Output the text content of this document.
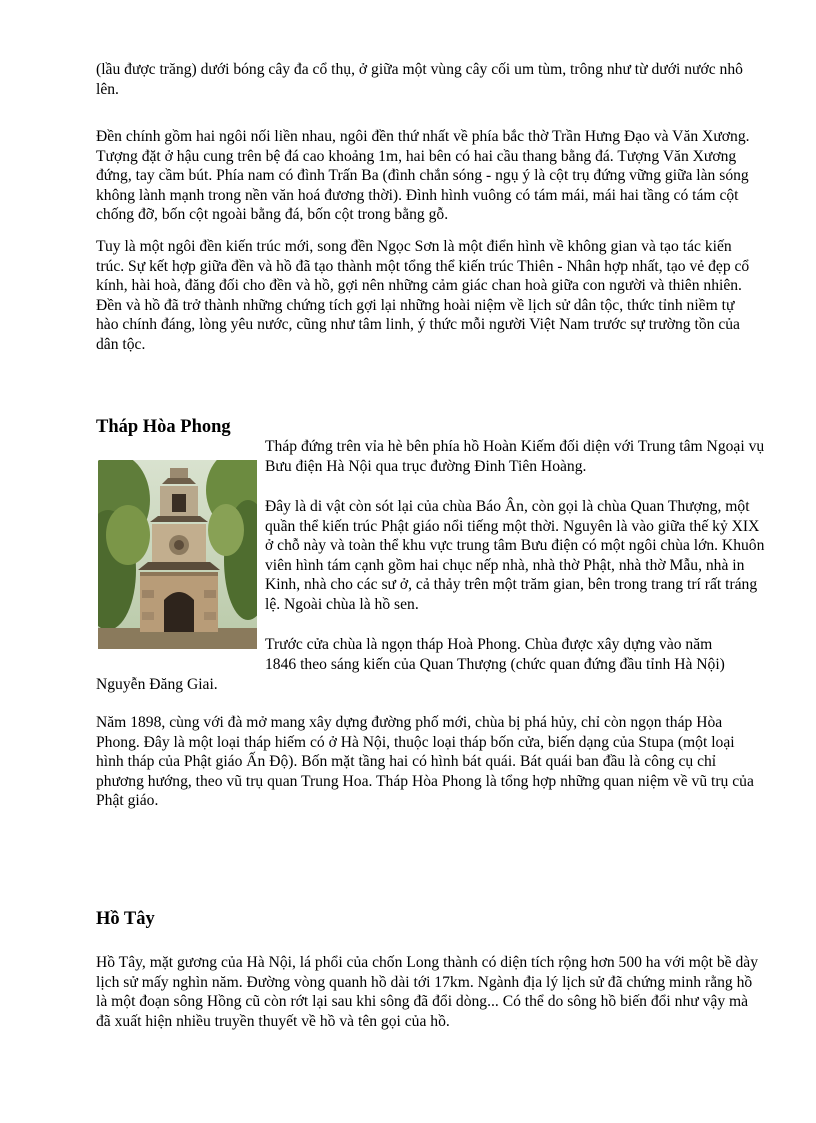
(lầu được trăng) dưới bóng cây đa cổ thụ, ở giữa một vùng cây cối um tùm, trông như từ dưới nước nhô lên.

Đền chính gồm hai ngôi nối liền nhau, ngôi đền thứ nhất về phía bắc thờ Trần Hưng Đạo và Văn Xương. Tượng đặt ở hậu cung trên bệ đá cao khoảng 1m, hai bên có hai cầu thang bằng đá. Tượng Văn Xương đứng, tay cầm bút. Phía nam có đình Trấn Ba (đình chắn sóng - ngụ ý là cột trụ đứng vững giữa làn sóng không lành mạnh trong nền văn hoá đương thời). Đình hình vuông có tám mái, mái hai tầng có tám cột chống đỡ, bốn cột ngoài bằng đá, bốn cột trong bằng gỗ.

Tuy là một ngôi đền kiến trúc mới, song đền Ngọc Sơn là một điển hình về không gian và tạo tác kiến trúc. Sự kết hợp giữa đền và hồ đã tạo thành một tổng thể kiến trúc Thiên - Nhân hợp nhất, tạo vẻ đẹp cổ kính, hài hoà, đăng đối cho đền và hồ, gợi nên những cảm giác chan hoà giữa con người và thiên nhiên. Đền và hồ đã trở thành những chứng tích gợi lại những hoài niệm về lịch sử dân tộc, thức tỉnh niềm tự hào chính đáng, lòng yêu nước, cũng như tâm linh, ý thức mỗi người Việt Nam trước sự trường tồn của dân tộc.

Tháp Hòa Phong

Tháp đứng trên vỉa hè bên phía hồ Hoàn Kiếm đối diện với Trung tâm Ngoại vụ Bưu điện Hà Nội qua trục đường Đinh Tiên Hoàng.

Đây là di vật còn sót lại của chùa Báo Ân, còn gọi là chùa Quan Thượng, một quần thể kiến trúc Phật giáo nổi tiếng một thời. Nguyên là vào giữa thế kỷ XIX ở chỗ này và toàn thể khu vực trung tâm Bưu điện có một ngôi chùa lớn. Khuôn viên hình tám cạnh gồm hai chục nếp nhà, nhà thờ Phật, nhà thờ Mẫu, nhà in Kinh, nhà cho các sư ở, cả thảy trên một trăm gian, bên trong trang trí rất tráng lệ. Ngoài chùa là hồ sen.

Trước cửa chùa là ngọn tháp Hoà Phong. Chùa được xây dựng vào năm

1846 theo sáng kiến của Quan Thượng (chức quan đứng đầu tỉnh Hà Nội)

Nguyễn Đăng Giai.

Năm 1898, cùng với đà mở mang xây dựng đường phố mới, chùa bị phá hủy, chỉ còn ngọn tháp Hòa Phong. Đây là một loại tháp hiếm có ở Hà Nội, thuộc loại tháp bốn cửa, biến dạng của Stupa (một loại hình tháp của Phật giáo Ấn Độ). Bốn mặt tầng hai có hình bát quái. Bát quái ban đầu là công cụ chỉ phương hướng, theo vũ trụ quan Trung Hoa. Tháp Hòa Phong là tổng hợp những quan niệm về vũ trụ của Phật giáo.

Hồ Tây

Hồ Tây, mặt gương của Hà Nội, lá phổi của chốn Long thành có diện tích rộng hơn 500 ha với một bề dày lịch sử mấy nghìn năm. Đường vòng quanh hồ dài tới 17km. Ngành địa lý lịch sử đã chứng minh rằng hồ là một đoạn sông Hồng cũ còn rớt lại sau khi sông đã đổi dòng... Có thể do sông hồ biến đổi như vậy mà đã xuất hiện nhiều truyền thuyết về hồ và tên gọi của hồ.
